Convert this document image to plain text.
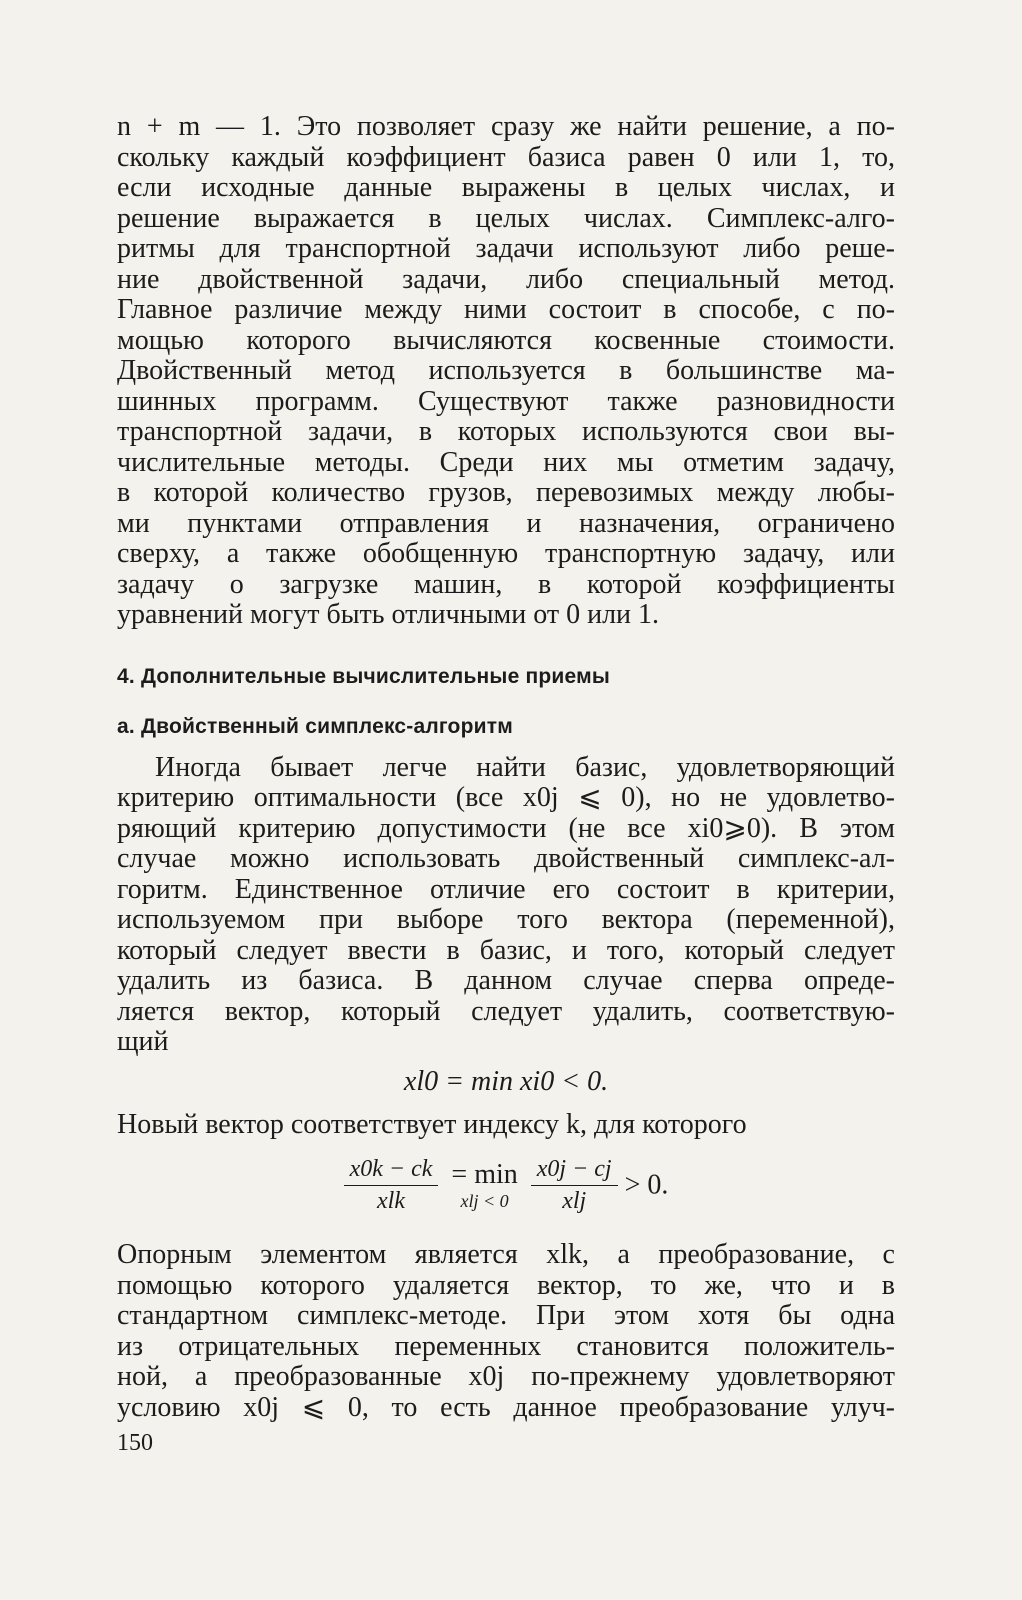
n + m — 1. Это позволяет сразу же найти решение, а по-
скольку каждый коэффициент базиса равен 0 или 1, то,
если исходные данные выражены в целых числах, и
решение выражается в целых числах. Симплекс-алго-
ритмы для транспортной задачи используют либо реше-
ние двойственной задачи, либо специальный метод.
Главное различие между ними состоит в способе, с по-
мощью которого вычисляются косвенные стоимости.
Двойственный метод используется в большинстве ма-
шинных программ. Существуют также разновидности
транспортной задачи, в которых используются свои вы-
числительные методы. Среди них мы отметим задачу,
в которой количество грузов, перевозимых между любы-
ми пунктами отправления и назначения, ограничено
сверху, а также обобщенную транспортную задачу, или
задачу о загрузке машин, в которой коэффициенты
уравнений могут быть отличными от 0 или 1.
4. Дополнительные вычислительные приемы
а. Двойственный симплекс-алгоритм
Иногда бывает легче найти базис, удовлетворяющий
критерию оптимальности (все x0j ⩽ 0), но не удовлетво-
ряющий критерию допустимости (не все xi0⩾0). В этом
случае можно использовать двойственный симплекс-ал-
горитм. Единственное отличие его состоит в критерии,
используемом при выборе того вектора (переменной),
который следует ввести в базис, и того, который следует
удалить из базиса. В данном случае сперва опреде-
ляется вектор, который следует удалить, соответствую-
щий
xl0 = min xi0 < 0.
Новый вектор соответствует индексу k, для которого
$\frac{x0k - ck}{\text{xlk}}$
= min
xlj < 0
$\frac{x0j - cj}{\text{xlj}} > 0$.
Опорным элементом является xlk, а преобразование, с
помощью которого удаляется вектор, то же, что и в
стандартном симплекс-методе. При этом хотя бы одна
из отрицательных переменных становится положитель-
ной, а преобразованные x0j по-прежнему удовлетворяют
условию x0j ⩽ 0, то есть данное преобразование улуч-
150
